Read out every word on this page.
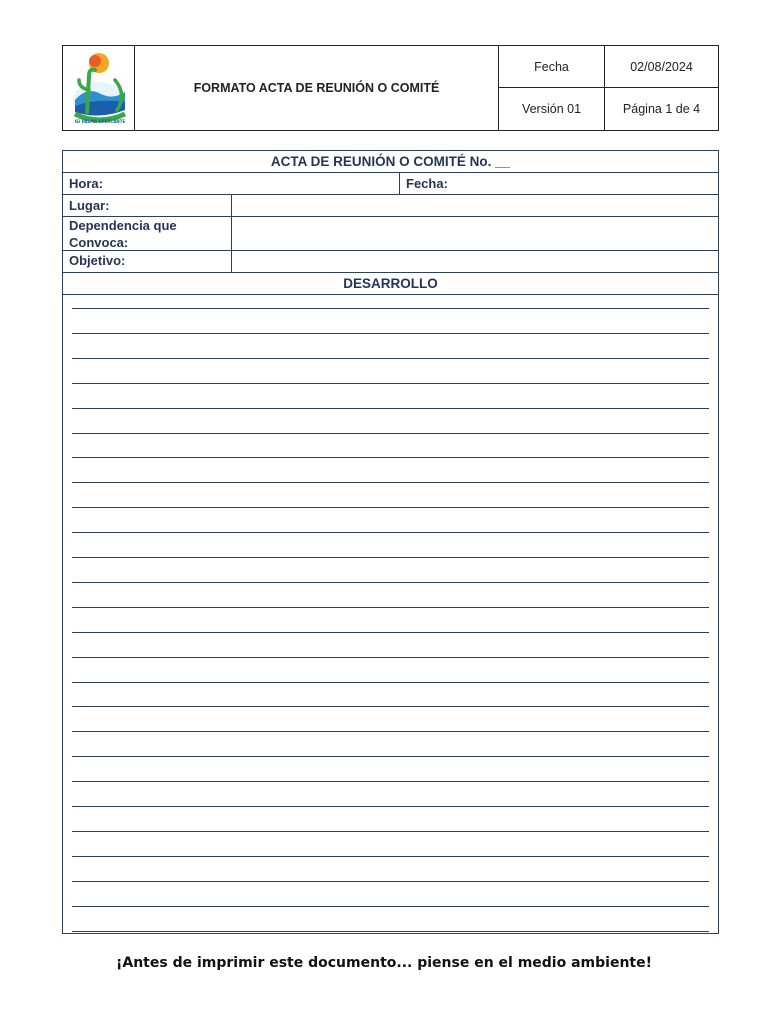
IEI PALMA APERCANTE
FORMATO ACTA DE REUNIÓN O COMITÉ
Fecha	02/08/2024
Versión 01	Página 1 de 4
ACTA DE REUNIÓN O COMITÉ No. __
Hora:	Fecha:
Lugar:
Dependencia que
Convoca:
Objetivo:
DESARROLLO
¡Antes de imprimir este documento... piense en el medio ambiente!
